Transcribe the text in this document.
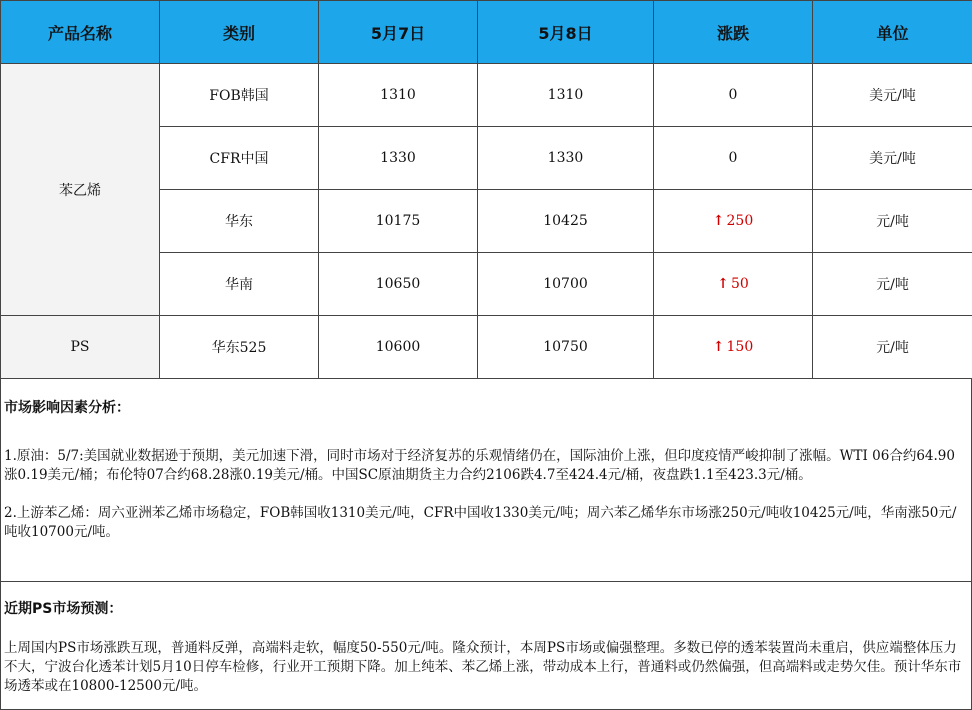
产品名称	类别	5月7日	5月8日	涨跌	单位
苯乙烯	FOB韩国	1310	1310	0	美元/吨
	CFR中国	1330	1330	0	美元/吨
	华东	10175	10425	↑ 250	元/吨
	华南	10650	10700	↑ 50	元/吨
PS	华东525	10600	10750	↑ 150	元/吨
市场影响因素分析：

1.原油：5/7:美国就业数据逊于预期，美元加速下滑，同时市场对于经济复苏的乐观情绪仍在，国际油价上涨，但印度疫情严峻抑制了涨幅。WTI 06合约64.90涨0.19美元/桶；布伦特07合约68.28涨0.19美元/桶。中国SC原油期货主力合约2106跌4.7至424.4元/桶，夜盘跌1.1至423.3元/桶。

2.上游苯乙烯：周六亚洲苯乙烯市场稳定，FOB韩国收1310美元/吨，CFR中国收1330美元/吨；周六苯乙烯华东市场涨250元/吨收10425元/吨，华南涨50元/吨收10700元/吨。

近期PS市场预测：

上周国内PS市场涨跌互现，普通料反弹，高端料走软，幅度50-550元/吨。隆众预计，本周PS市场或偏强整理。多数已停的透苯装置尚未重启，供应端整体压力不大，宁波台化透苯计划5月10日停车检修，行业开工预期下降。加上纯苯、苯乙烯上涨，带动成本上行，普通料或仍然偏强，但高端料或走势欠佳。预计华东市场透苯或在10800-12500元/吨。
